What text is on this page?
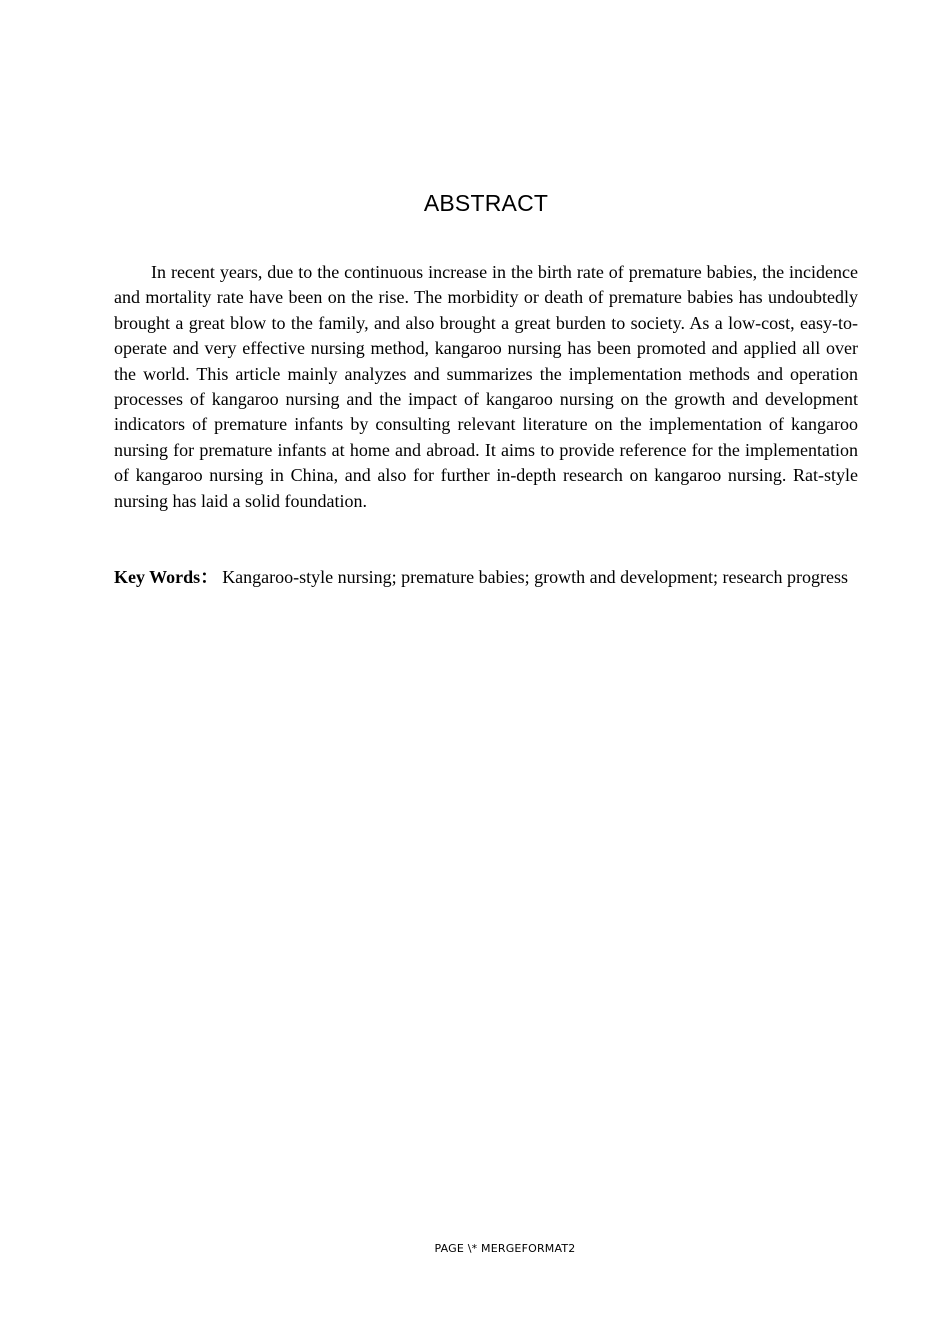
ABSTRACT

In recent years, due to the continuous increase in the birth rate of premature babies, the incidence and mortality rate have been on the rise. The morbidity or death of premature babies has undoubtedly brought a great blow to the family, and also brought a great burden to society. As a low-cost, easy-to-operate and very effective nursing method, kangaroo nursing has been promoted and applied all over the world. This article mainly analyzes and summarizes the implementation methods and operation processes of kangaroo nursing and the impact of kangaroo nursing on the growth and development indicators of premature infants by consulting relevant literature on the implementation of kangaroo nursing for premature infants at home and abroad. It aims to provide reference for the implementation of kangaroo nursing in China, and also for further in-depth research on kangaroo nursing. Rat-style nursing has laid a solid foundation.

Key Words： Kangaroo-style nursing; premature babies; growth and development; research progress

PAGE \* MERGEFORMAT2
